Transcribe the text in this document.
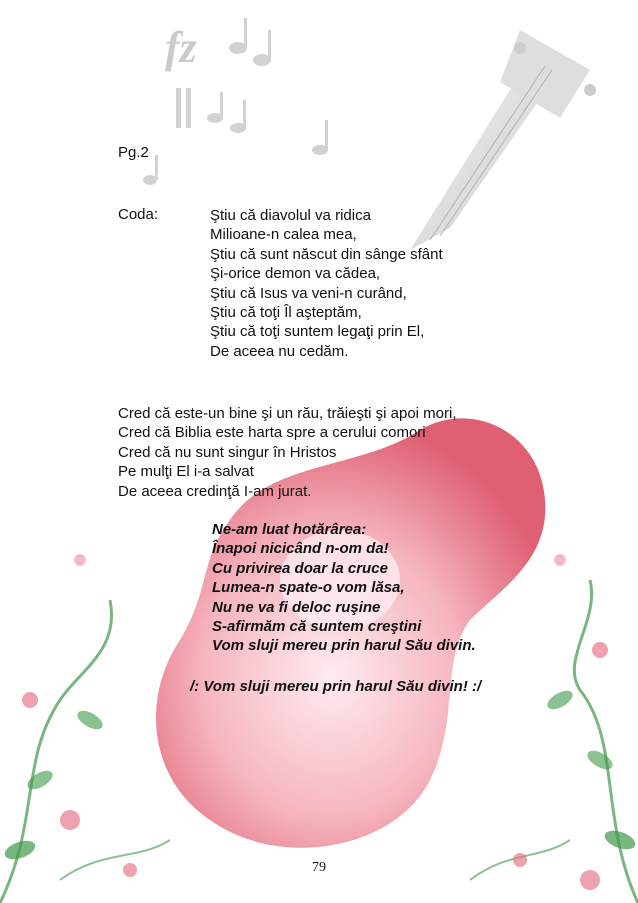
fz
Pg.2
Coda:	Ştiu că diavolul va ridica
Milioane-n calea mea,
Ştiu că sunt născut din sânge sfânt
Şi-orice demon va cădea,
Ştiu că Isus va veni-n curând,
Ştiu că toţi Îl aşteptăm,
Ştiu că toţi suntem legaţi prin El,
De aceea nu cedăm.
Cred că este-un bine şi un rău, trăieşti şi apoi mori,
Cred că Biblia este harta spre a cerului comori
Cred că nu sunt singur în Hristos
Pe mulţi El i-a salvat
De aceea credinţă I-am jurat.
Ne-am luat hotărârea:
Înapoi nicicând n-om da!
Cu privirea doar la cruce
Lumea-n spate-o vom lăsa,
Nu ne va fi deloc ruşine
S-afirmăm că suntem creştini
Vom sluji mereu prin harul Său divin.
/: Vom sluji mereu prin harul Său divin! :/
79
